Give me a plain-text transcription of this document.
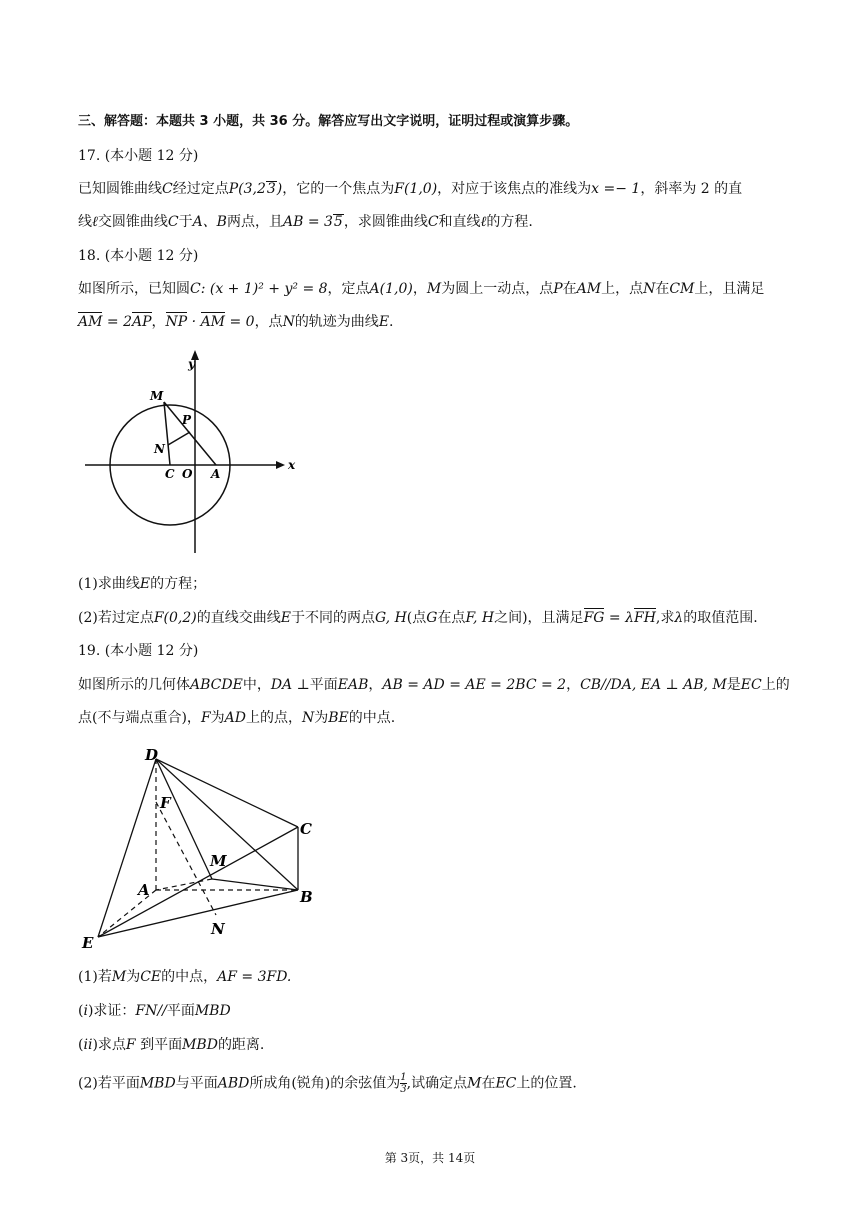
三、解答题：本题共 3 小题，共 36 分。解答应写出文字说明，证明过程或演算步骤。
17. (本小题 12 分)
已知圆锥曲线C经过定点P(3,23)，它的一个焦点为F(1,0)，对应于该焦点的准线为x =− 1，斜率为 2 的直
线ℓ交圆锥曲线C于A、B两点，且AB = 35，求圆锥曲线C和直线ℓ的方程.
18. (本小题 12 分)
如图所示，已知圆C: (x + 1)² + y² = 8，定点A(1,0)，M为圆上一动点，点P在AM上，点N在CM上，且满足
AM = 2AP，NP · AM = 0，点N的轨迹为曲线E.
y
x
M
P
N
C O A
(1)求曲线E的方程；
(2)若过定点F(0,2)的直线交曲线E于不同的两点G, H(点G在点F, H之间)，且满足FG = λFH,求λ的取值范围.
19. (本小题 12 分)
如图所示的几何体ABCDE中，DA ⊥平面EAB，AB = AD = AE = 2BC = 2，CB//DA, EA ⊥ AB, M是EC上的
点(不与端点重合)，F为AD上的点，N为BE的中点.
D
F
C
M
A	B
N
E
(1)若M为CE的中点，AF = 3FD.
(i)求证：FN//平面MBD
(ii)求点F 到平面MBD的距离.
(2)若平面MBD与平面ABD所成角(锐角)的余弦值为 $\frac{1}{3}$ ,试确定点M在EC上的位置.
第 3页，共 14页
